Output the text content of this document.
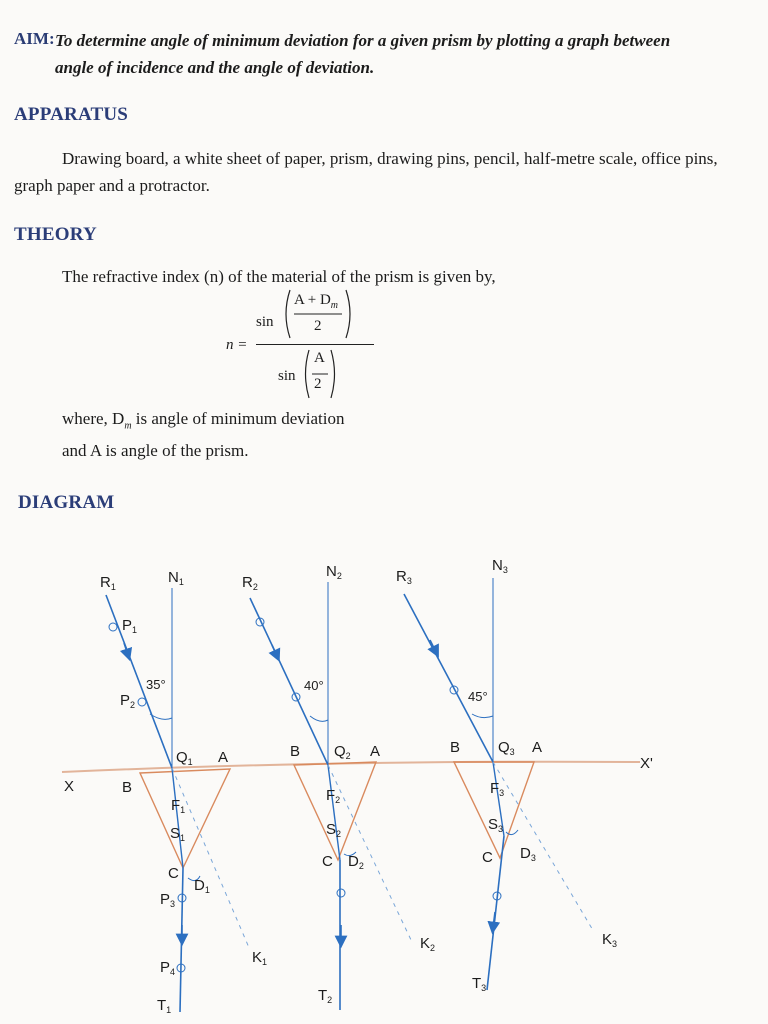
AIM: To determine angle of minimum deviation for a given prism by plotting a graph between
angle of incidence and the angle of deviation.
APPARATUS
Drawing board, a white sheet of paper, prism, drawing pins, pencil, half-metre scale, office pins,
graph paper and a protractor.
THEORY
The refractive index (n) of the material of the prism is given by,
n =
sin
$A + D_m$
2
sin
A
2
where, $D_m$ is angle of minimum deviation
and A is angle of the prism.
DIAGRAM
X
X'
$R_1$
$N_1$
$P_1$
$P_2$
35°
$Q_1$ A
B
$F_1$
$S_1$
C
$D_1$
$P_3$
$P_4$
$K_1$
$T_1$
$R_2$
$N_2$
40°
B $Q_2$ A
$F_2$
$S_2$
C $D_2$
$K_2$
$T_2$
$R_3$
$N_3$
45°
B	$Q_3$ A
$F_3$
$S_3$
C $D_3$
$K_3$
$T_3$
